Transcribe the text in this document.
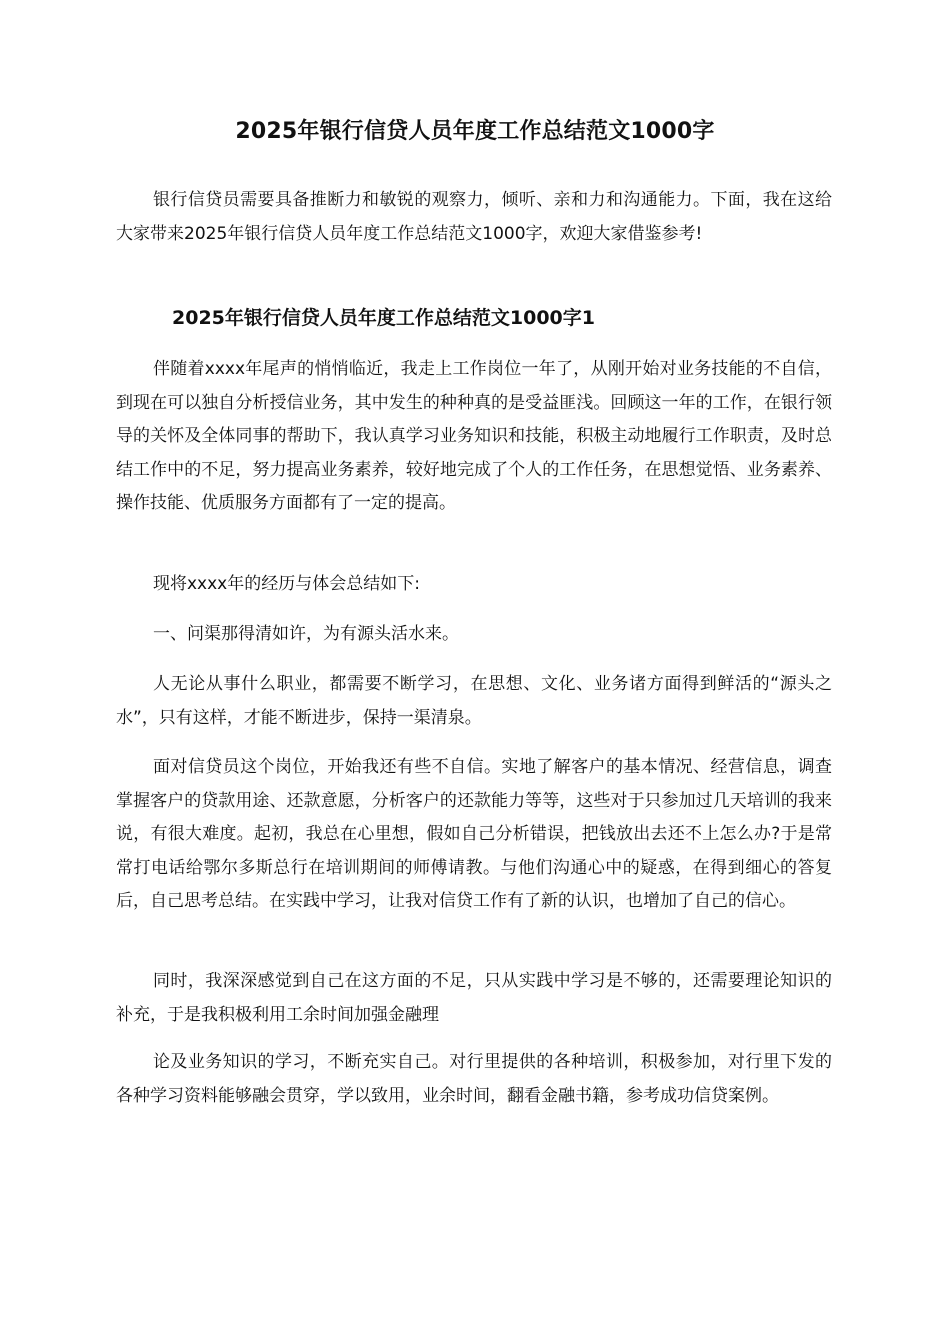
2025年银行信贷人员年度工作总结范文1000字

银行信贷员需要具备推断力和敏锐的观察力，倾听、亲和力和沟通能力。下面，我在这给大家带来2025年银行信贷人员年度工作总结范文1000字，欢迎大家借鉴参考!

2025年银行信贷人员年度工作总结范文1000字1

伴随着xxxx年尾声的悄悄临近，我走上工作岗位一年了，从刚开始对业务技能的不自信，到现在可以独自分析授信业务，其中发生的种种真的是受益匪浅。回顾这一年的工作，在银行领导的关怀及全体同事的帮助下，我认真学习业务知识和技能，积极主动地履行工作职责，及时总结工作中的不足，努力提高业务素养，较好地完成了个人的工作任务，在思想觉悟、业务素养、操作技能、优质服务方面都有了一定的提高。

现将xxxx年的经历与体会总结如下:

一、问渠那得清如许，为有源头活水来。

人无论从事什么职业，都需要不断学习，在思想、文化、业务诸方面得到鲜活的“源头之水”，只有这样，才能不断进步，保持一渠清泉。

面对信贷员这个岗位，开始我还有些不自信。实地了解客户的基本情况、经营信息，调查掌握客户的贷款用途、还款意愿，分析客户的还款能力等等，这些对于只参加过几天培训的我来说，有很大难度。起初，我总在心里想，假如自己分析错误，把钱放出去还不上怎么办?于是常常打电话给鄂尔多斯总行在培训期间的师傅请教。与他们沟通心中的疑惑，在得到细心的答复后，自己思考总结。在实践中学习，让我对信贷工作有了新的认识，也增加了自己的信心。

同时，我深深感觉到自己在这方面的不足，只从实践中学习是不够的，还需要理论知识的补充，于是我积极利用工余时间加强金融理

论及业务知识的学习，不断充实自己。对行里提供的各种培训，积极参加，对行里下发的各种学习资料能够融会贯穿，学以致用，业余时间，翻看金融书籍，参考成功信贷案例。
